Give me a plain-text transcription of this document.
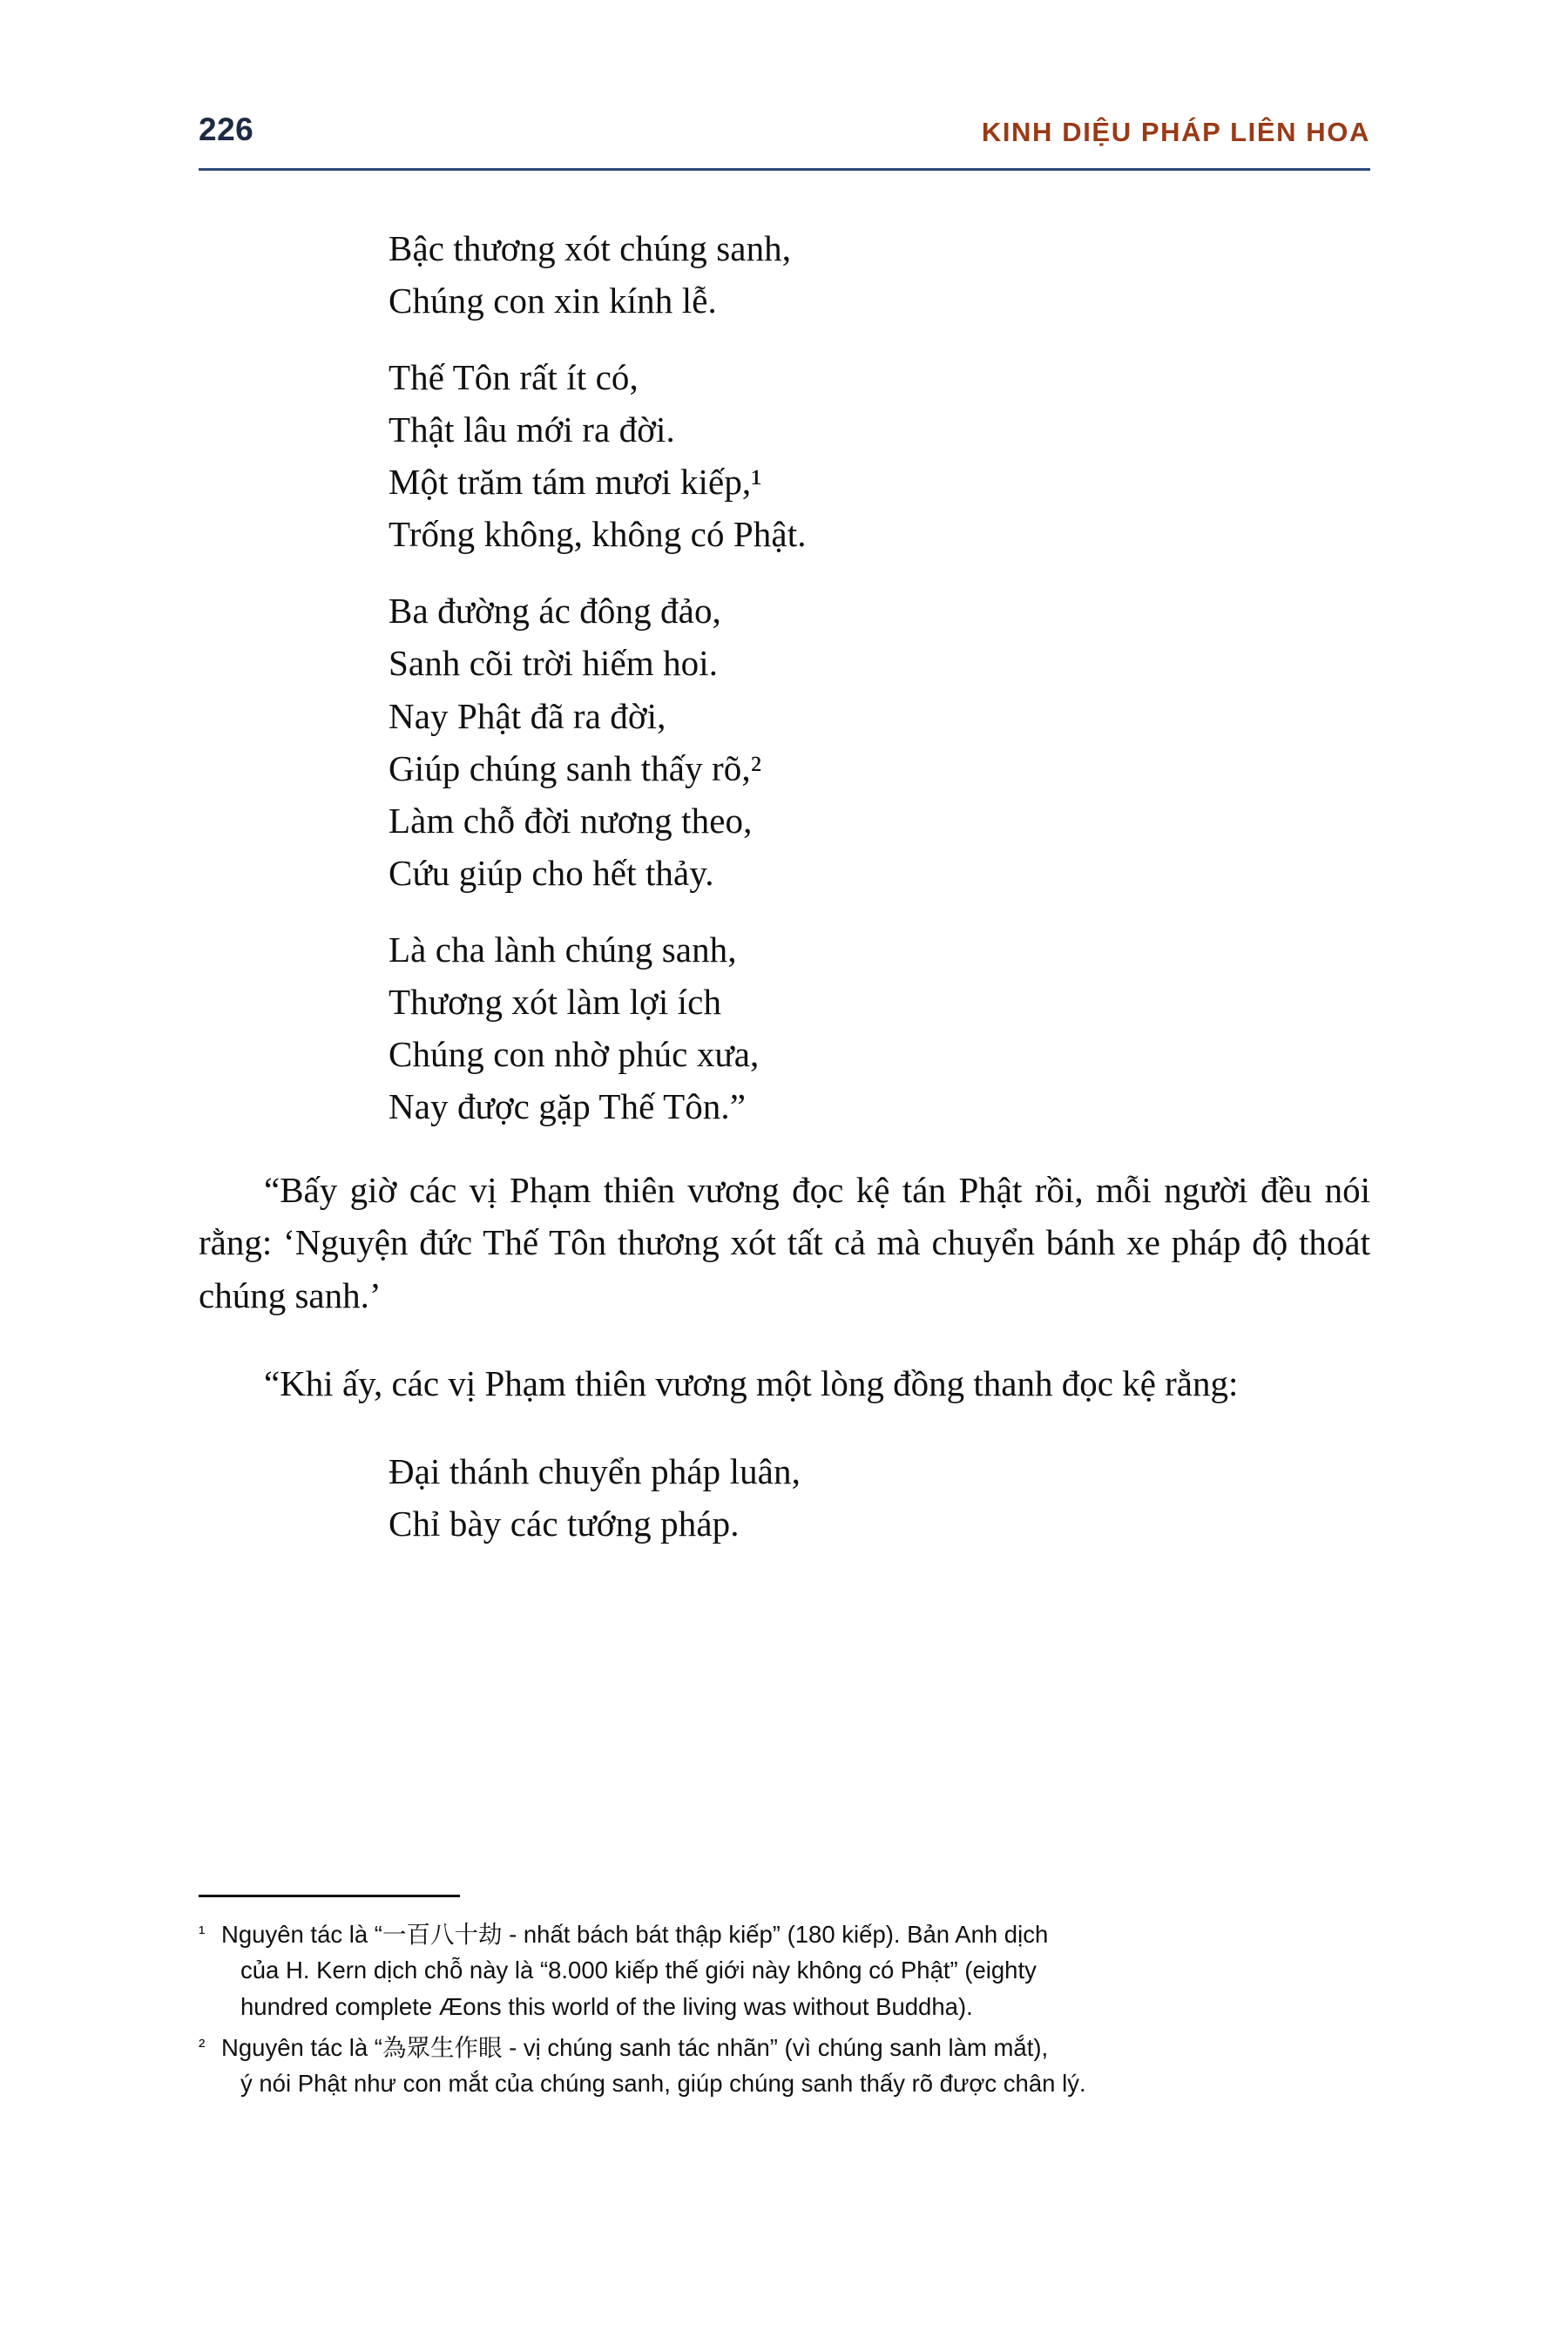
226	KINH DIỆU PHÁP LIÊN HOA
Bậc thương xót chúng sanh,
Chúng con xin kính lễ.
Thế Tôn rất ít có,
Thật lâu mới ra đời.
Một trăm tám mươi kiếp,¹
Trống không, không có Phật.
Ba đường ác đông đảo,
Sanh cõi trời hiếm hoi.
Nay Phật đã ra đời,
Giúp chúng sanh thấy rõ,²
Làm chỗ đời nương theo,
Cứu giúp cho hết thảy.
Là cha lành chúng sanh,
Thương xót làm lợi ích
Chúng con nhờ phúc xưa,
Nay được gặp Thế Tôn.”

“Bấy giờ các vị Phạm thiên vương đọc kệ tán Phật rồi, mỗi người đều nói rằng: ‘Nguyện đức Thế Tôn thương xót tất cả mà chuyển bánh xe pháp độ thoát chúng sanh.’

“Khi ấy, các vị Phạm thiên vương một lòng đồng thanh đọc kệ rằng:

Đại thánh chuyển pháp luân,
Chỉ bày các tướng pháp.
¹ Nguyên tác là “一百八十劫 - nhất bách bát thập kiếp” (180 kiếp). Bản Anh dịch
của H. Kern dịch chỗ này là “8.000 kiếp thế giới này không có Phật” (eighty
hundred complete Æons this world of the living was without Buddha).
² Nguyên tác là “為眾生作眼 - vị chúng sanh tác nhãn” (vì chúng sanh làm mắt),
ý nói Phật như con mắt của chúng sanh, giúp chúng sanh thấy rõ được chân lý.
